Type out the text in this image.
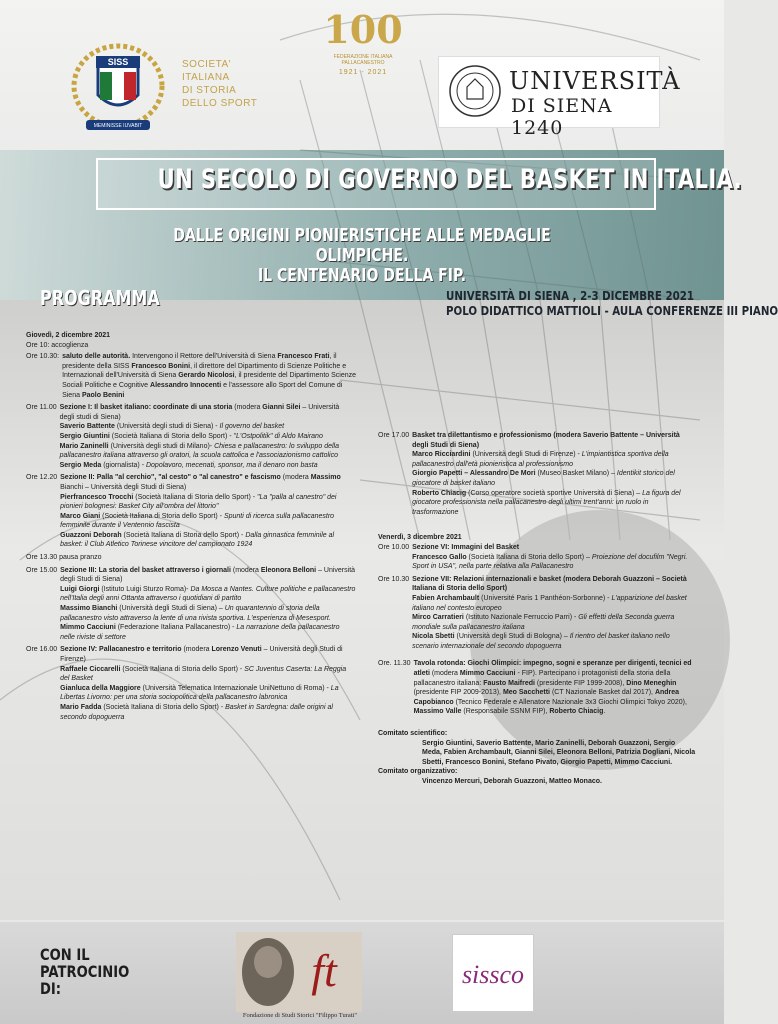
SISS
MEMINISSE IUVABIT
SOCIETA'
ITALIANA
DI STORIA
DELLO SPORT
100
FEDERAZIONE ITALIANA PALLACANESTRO
1921 - 2021	UNIVERSITÀ
DI SIENA 1240
UN SECOLO DI GOVERNO DEL BASKET IN ITALIA.
DALLE ORIGINI PIONIERISTICHE ALLE MEDAGLIE OLIMPICHE.
IL CENTENARIO DELLA FIP.
PROGRAMMA	UNIVERSITÀ DI SIENA , 2-3 DICEMBRE 2021
POLO DIDATTICO MATTIOLI - AULA CONFERENZE III PIANO

Giovedì, 2 dicembre 2021

Ore 10: accoglienza

Ore 10.30: saluto delle autorità. Intervengono il Rettore dell'Università di Siena Francesco Frati, il presidente della SISS Francesco Bonini, il direttore del Dipartimento di Scienze Politiche e Internazionali dell'Università di Siena Gerardo Nicolosi, il presidente del Dipartimento Scienze Sociali Politiche e Cognitive Alessandro Innocenti e l'assessore allo Sport del Comune di Siena Paolo Benini
Ore 11.00 Sezione I: Il basket italiano: coordinate di una storia (modera Gianni Silei – Università degli studi di Siena)

Saverio Battente (Università degli studi di Siena) - Il governo del basket

Sergio Giuntini (Società Italiana di Storia dello Sport) - "L'Ostpolitik" di Aldo Mairano

Mario Zaninelli (Università degli studi di Milano)- Chiesa e pallacanestro: lo sviluppo della pallacanestro italiana attraverso gli oratori, la scuola cattolica e l'associazionismo cattolico

Sergio Meda (giornalista) - Dopolavoro, mecenati, sponsor, ma il denaro non basta

Ore 12.20 Sezione II: Palla "al cerchio", "al cesto" o "al canestro" e fascismo (modera Massimo Bianchi – Università degli Studi di Siena)

Pierfrancesco Trocchi (Società Italiana di Storia dello Sport) - "La "palla al canestro" dei pionieri bolognesi: Basket City all'ombra del littorio"

Marco Giani (Società Italiana di Storia dello Sport) - Spunti di ricerca sulla pallacanestro femminile durante il Ventennio fascista

Guazzoni Deborah (Società Italiana di Storia dello Sport) - Dalla ginnastica femminile al basket: il Club Atletico Torinese vincitore del campionato 1924

Ore 13.30 pausa pranzo

Ore 15.00 Sezione III: La storia del basket attraverso i giornali (modera Eleonora Belloni – Università degli Studi di Siena)

Luigi Giorgi (Istituto Luigi Sturzo Roma)- Da Mosca a Nantes. Culture politiche e pallacanestro nell'Italia degli anni Ottanta attraverso i quotidiani di partito

Massimo Bianchi (Università degli Studi di Siena) – Un quarantennio di storia della pallacanestro visto attraverso la lente di una rivista sportiva. L'esperienza di Mesesport.

Mimmo Cacciuni (Federazione Italiana Pallacanestro) - La narrazione della pallacanestro nelle riviste di settore

Ore 16.00 Sezione IV: Pallacanestro e territorio (modera Lorenzo Venuti – Università degli Studi di Firenze)

Raffaele Ciccarelli (Società Italiana di Storia dello Sport) - SC Juventus Caserta: La Reggia del Basket

Gianluca della Maggiore (Università Telematica Internazionale UniNettuno di Roma) - La Libertas Livorno: per una storia sociopolitica della pallacanestro labronica

Mario Fadda (Società Italiana di Storia dello Sport) - Basket in Sardegna: dalle origini al secondo dopoguerra

Ore 17.00 Basket tra dilettantismo e professionismo (modera Saverio Battente – Università degli Studi di Siena)

Marco Ricciardini (Università degli Studi di Firenze) - L'impiantistica sportiva della pallacanestro dall'età pionieristica al professionismo

Giorgio Papetti – Alessandro De Mori (Museo Basket Milano) – Identikit storico del giocatore di basket italiano

Roberto Chiacig (Corso operatore società sportive Università di Siena) – La figura del giocatore professionista nella pallacanestro degli ultimi trent'anni: un ruolo in trasformazione

Venerdì, 3 dicembre 2021

Ore 10.00 Sezione VI: Immagini del Basket

Francesco Gallo (Società Italiana di Storia dello Sport) – Proiezione del docufilm "Negri. Sport in USA", nella parte relativa alla Pallacanestro

Ore 10.30 Sezione VII: Relazioni internazionali e basket (modera Deborah Guazzoni – Società Italiana di Storia dello Sport)

Fabien Archambault (Université Paris 1 Panthéon-Sorbonne) - L'apparizione del basket italiano nel contesto europeo

Mirco Carratieri (Istituto Nazionale Ferruccio Parri) - Gli effetti della Seconda guerra mondiale sulla pallacanestro italiana

Nicola Sbetti (Università degli Studi di Bologna) – Il rientro del basket italiano nello scenario internazionale del secondo dopoguerra

Ore. 11.30 Tavola rotonda: Giochi Olimpici: impegno, sogni e speranze per dirigenti, tecnici ed atleti (modera Mimmo Cacciuni - FIP). Partecipano i protagonisti della storia della pallacanestro italiana: Fausto Maifredi (presidente FIP 1999-2008), Dino Meneghin (presidente FIP 2009-2013), Meo Sacchetti (CT Nazionale Basket dal 2017), Andrea Capobianco (Tecnico Federale e Allenatore Nazionale 3x3 Giochi Olimpici Tokyo 2020), Massimo Valle (Responsabile SSNM FIP), Roberto Chiacig.

Comitato scientifico:

Sergio Giuntini, Saverio Battente, Mario Zaninelli, Deborah Guazzoni, Sergio Meda, Fabien Archambault, Gianni Silei, Eleonora Belloni, Patrizia Dogliani, Nicola Sbetti, Francesco Bonini, Stefano Pivato, Giorgio Papetti, Mimmo Cacciuni.

Comitato organizzativo:

Vincenzo Mercuri, Deborah Guazzoni, Matteo Monaco.

CON IL
PATROCINIO
DI:	ft
Fondazione di Studi Storici "Filippo Turati"
sissco
